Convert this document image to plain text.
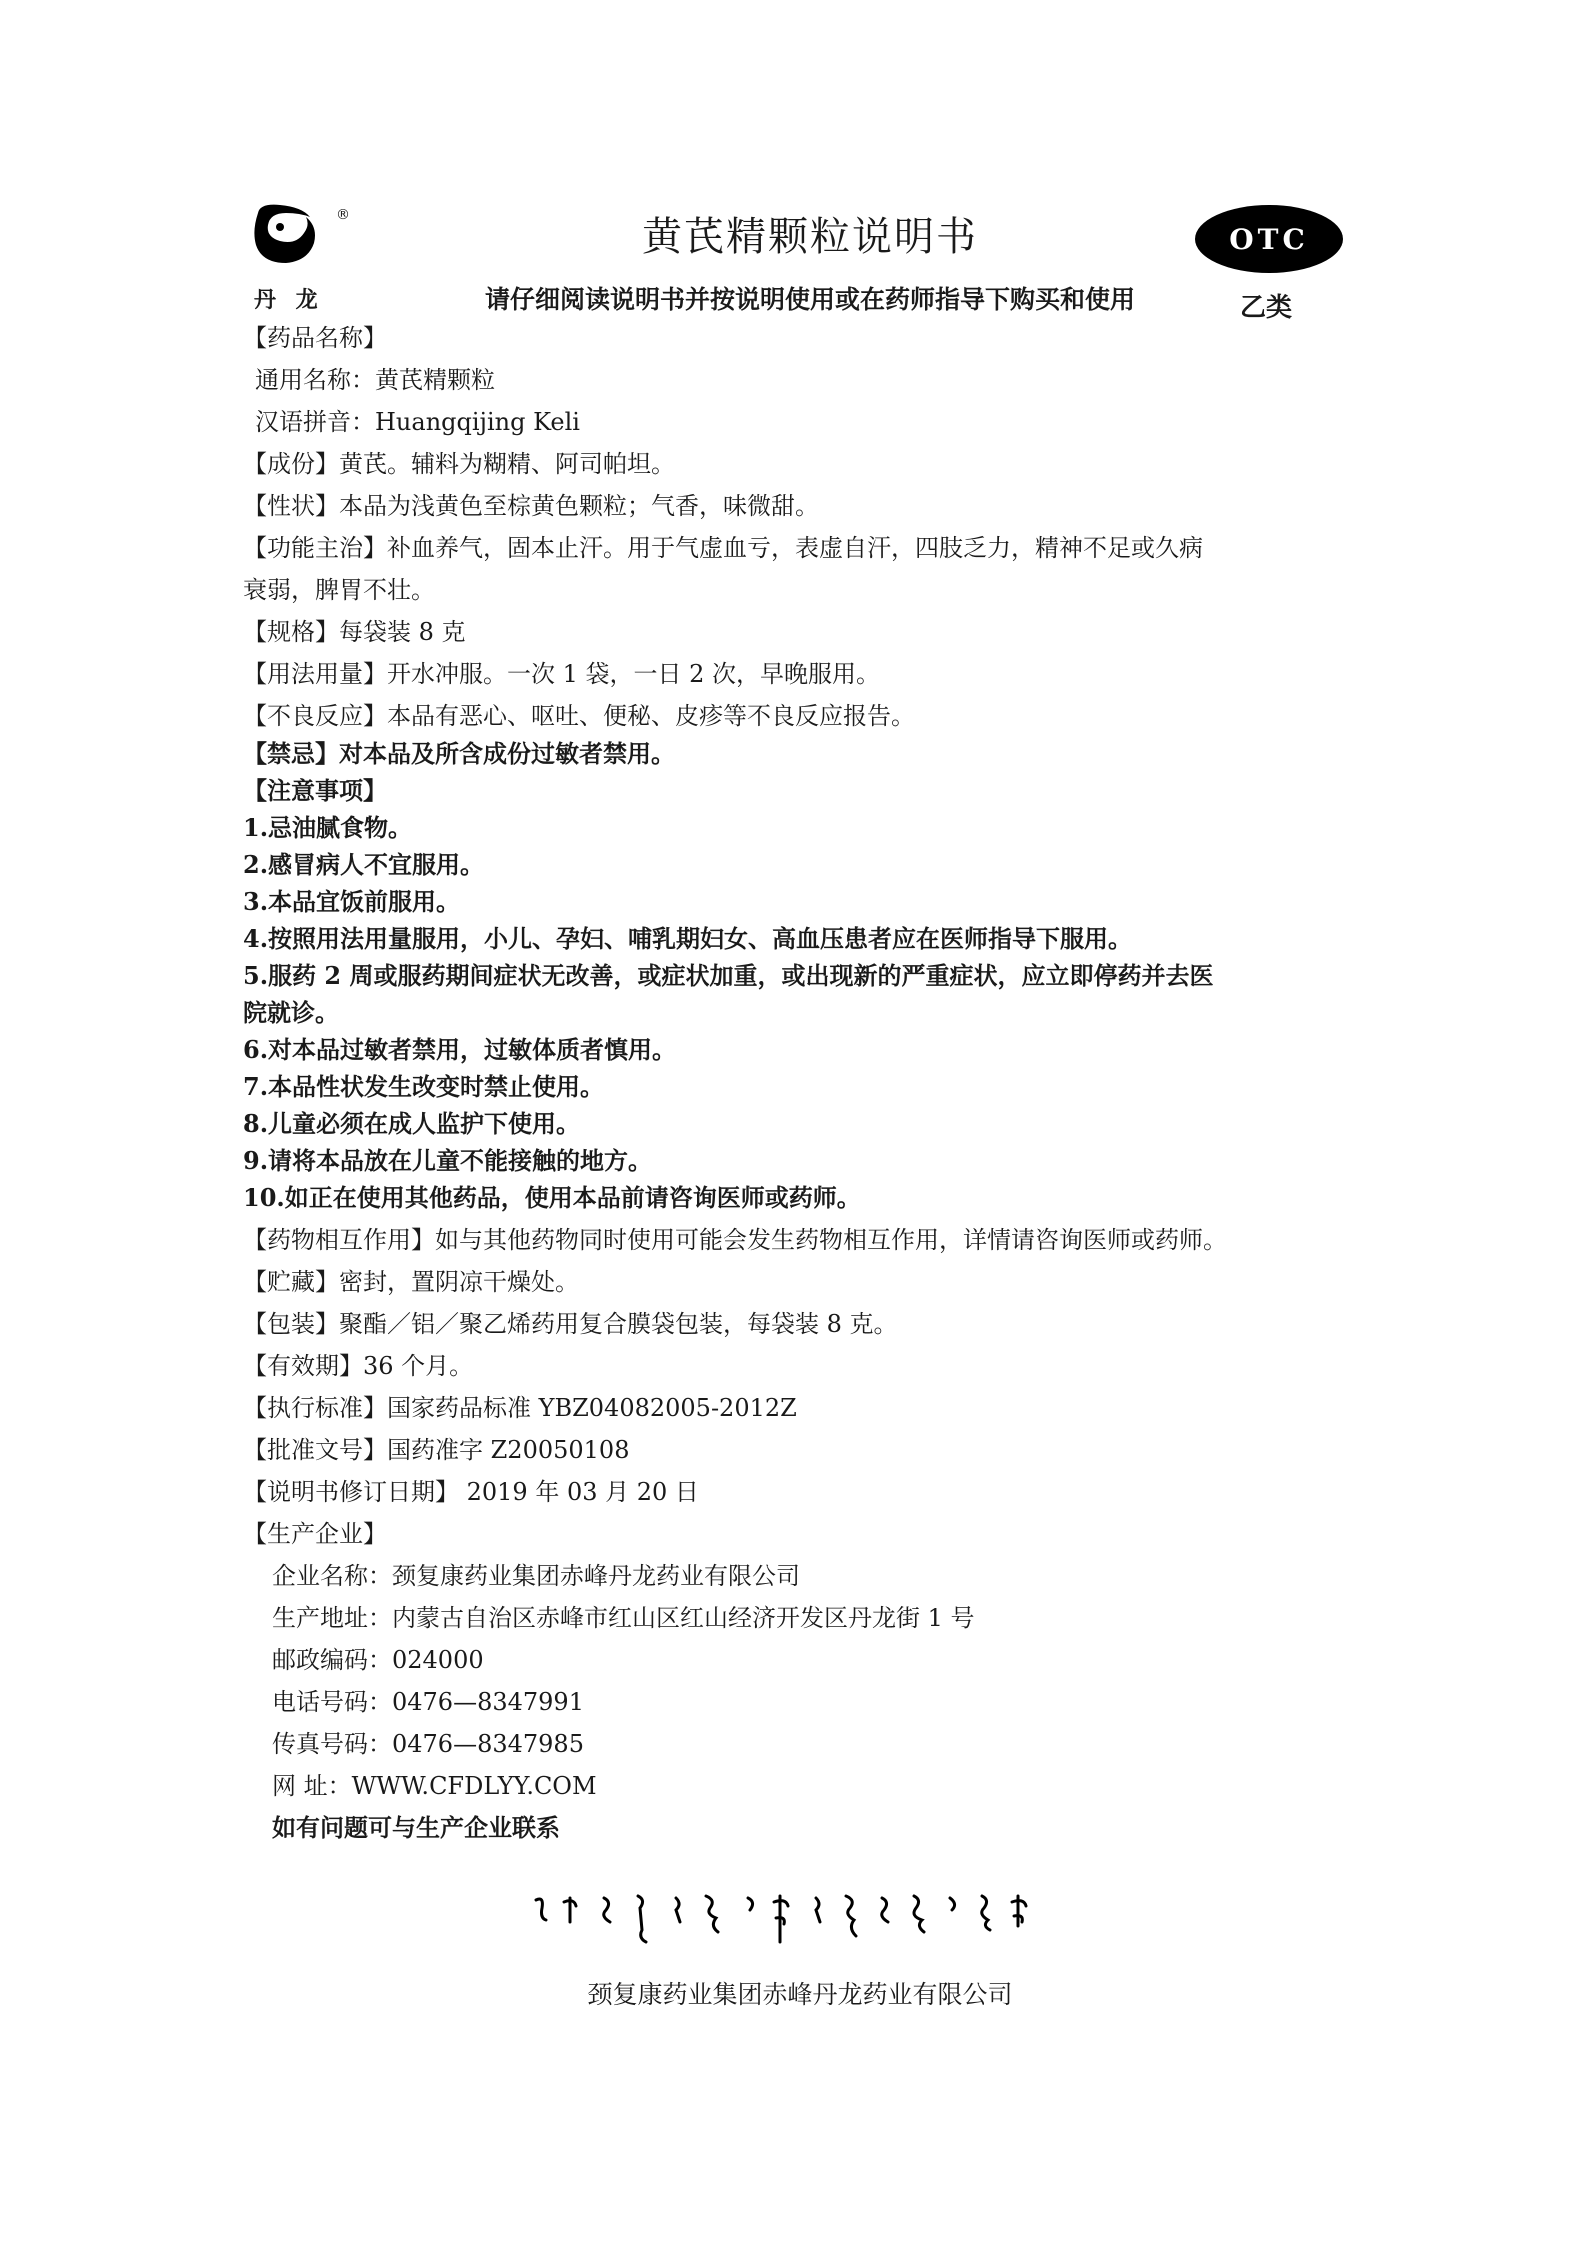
®
丹 龙
黄芪精颗粒说明书
请仔细阅读说明书并按说明使用或在药师指导下购买和使用
OTC
乙类
【药品名称】
通用名称：黄芪精颗粒
汉语拼音：Huangqijing Keli
【成份】黄芪。辅料为糊精、阿司帕坦。
【性状】本品为浅黄色至棕黄色颗粒；气香，味微甜。
【功能主治】补血养气，固本止汗。用于气虚血亏，表虚自汗，四肢乏力，精神不足或久病
衰弱，脾胃不壮。
【规格】每袋装 8 克
【用法用量】开水冲服。一次 1 袋，一日 2 次，早晚服用。
【不良反应】本品有恶心、呕吐、便秘、皮疹等不良反应报告。
【禁忌】对本品及所含成份过敏者禁用。
【注意事项】
1.忌油腻食物。
2.感冒病人不宜服用。
3.本品宜饭前服用。
4.按照用法用量服用，小儿、孕妇、哺乳期妇女、高血压患者应在医师指导下服用。
5.服药 2 周或服药期间症状无改善，或症状加重，或出现新的严重症状，应立即停药并去医
院就诊。
6.对本品过敏者禁用，过敏体质者慎用。
7.本品性状发生改变时禁止使用。
8.儿童必须在成人监护下使用。
9.请将本品放在儿童不能接触的地方。
10.如正在使用其他药品，使用本品前请咨询医师或药师。
【药物相互作用】如与其他药物同时使用可能会发生药物相互作用，详情请咨询医师或药师。
【贮藏】密封，置阴凉干燥处。
【包装】聚酯／铝／聚乙烯药用复合膜袋包装，每袋装 8 克。
【有效期】36 个月。
【执行标准】国家药品标准 YBZ04082005-2012Z
【批准文号】国药准字 Z20050108
【说明书修订日期】 2019 年 03 月 20 日
【生产企业】
企业名称：颈复康药业集团赤峰丹龙药业有限公司
生产地址：内蒙古自治区赤峰市红山区红山经济开发区丹龙街 1 号
邮政编码：024000
电话号码：0476—8347991
传真号码：0476—8347985
网 址：WWW.CFDLYY.COM
如有问题可与生产企业联系
颈复康药业集团赤峰丹龙药业有限公司
